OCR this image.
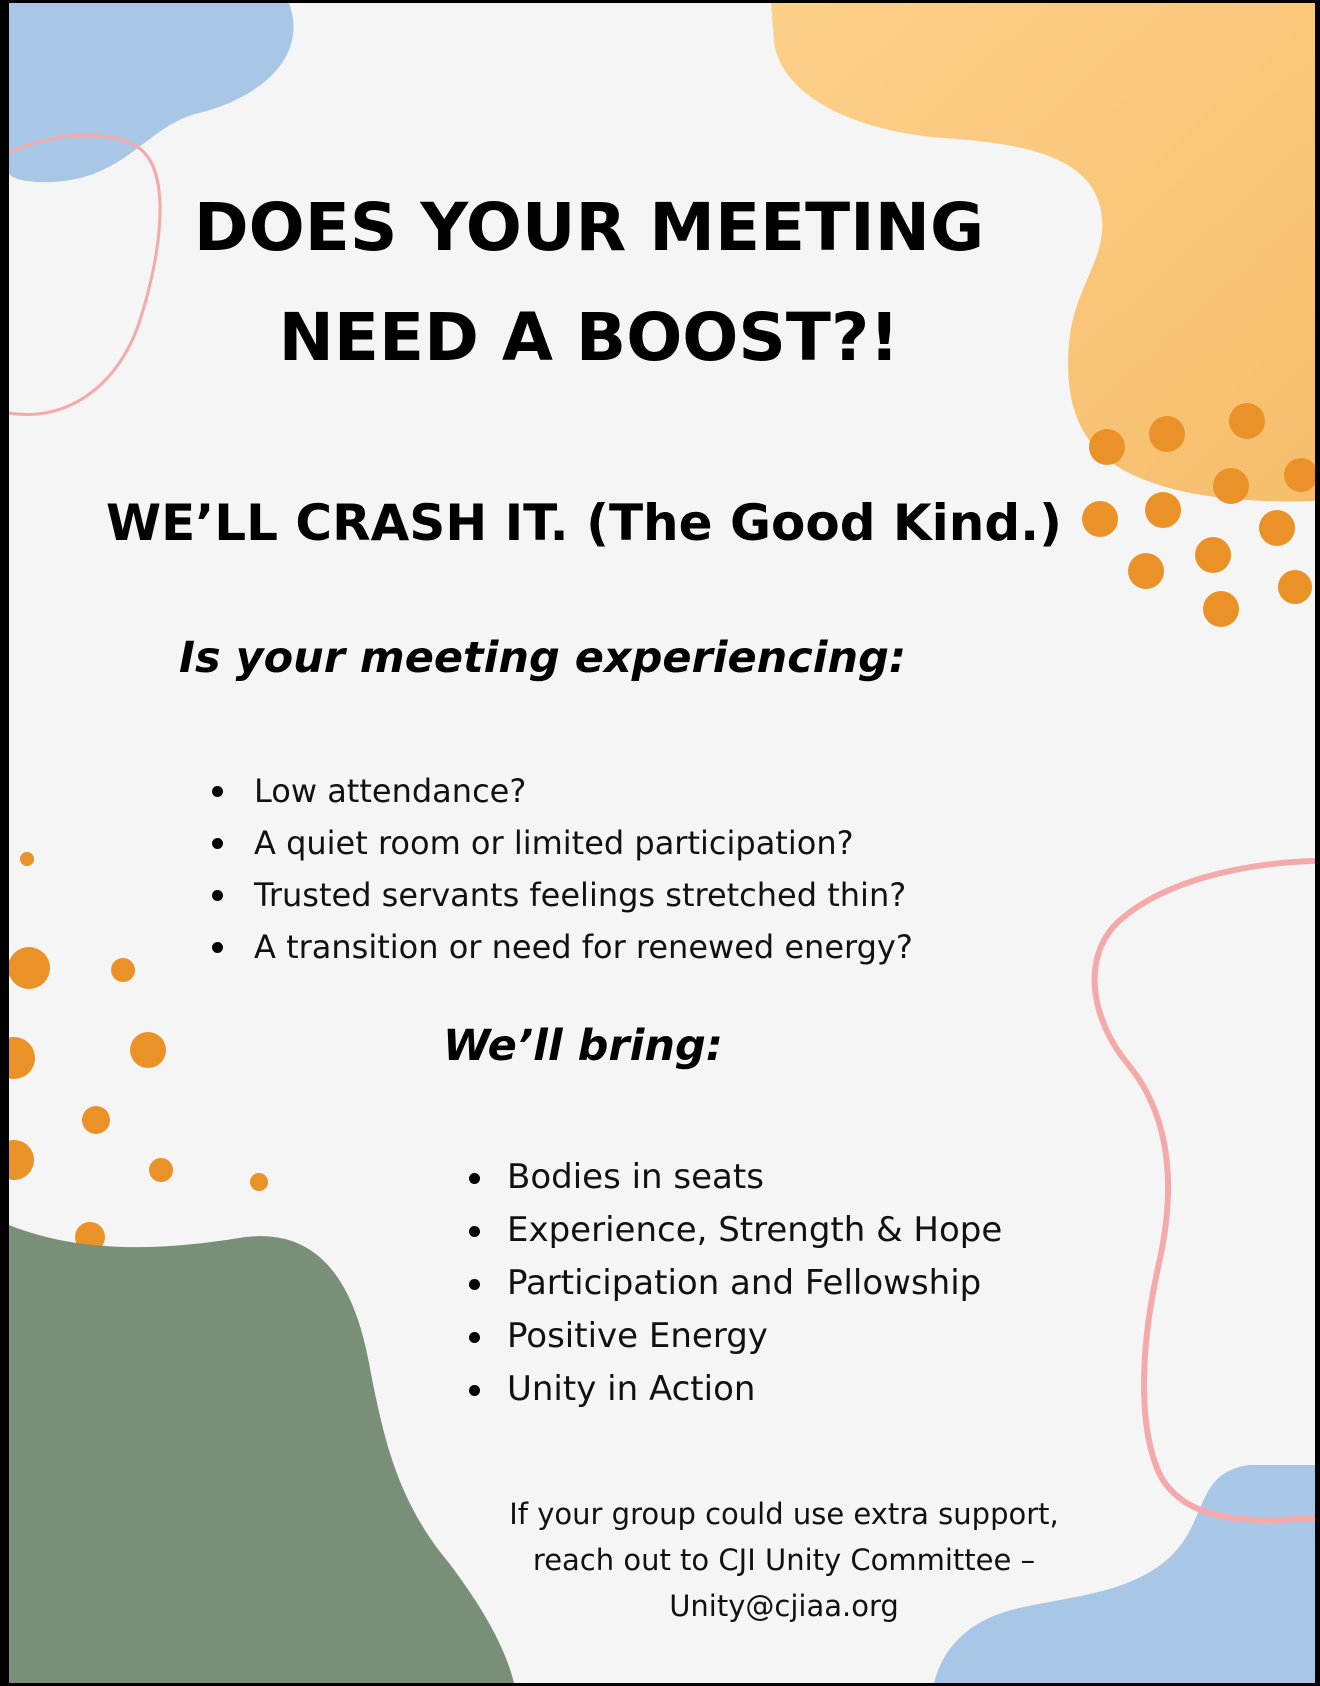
DOES YOUR MEETING
NEED A BOOST?!
WE’LL CRASH IT. (The Good Kind.)
Is your meeting experiencing:
Low attendance?
A quiet room or limited participation?
Trusted servants feelings stretched thin?
A transition or need for renewed energy?
We’ll bring:
Bodies in seats
Experience, Strength & Hope
Participation and Fellowship
Positive Energy
Unity in Action
If your group could use extra support,
reach out to CJI Unity Committee –
Unity@cjiaa.org
